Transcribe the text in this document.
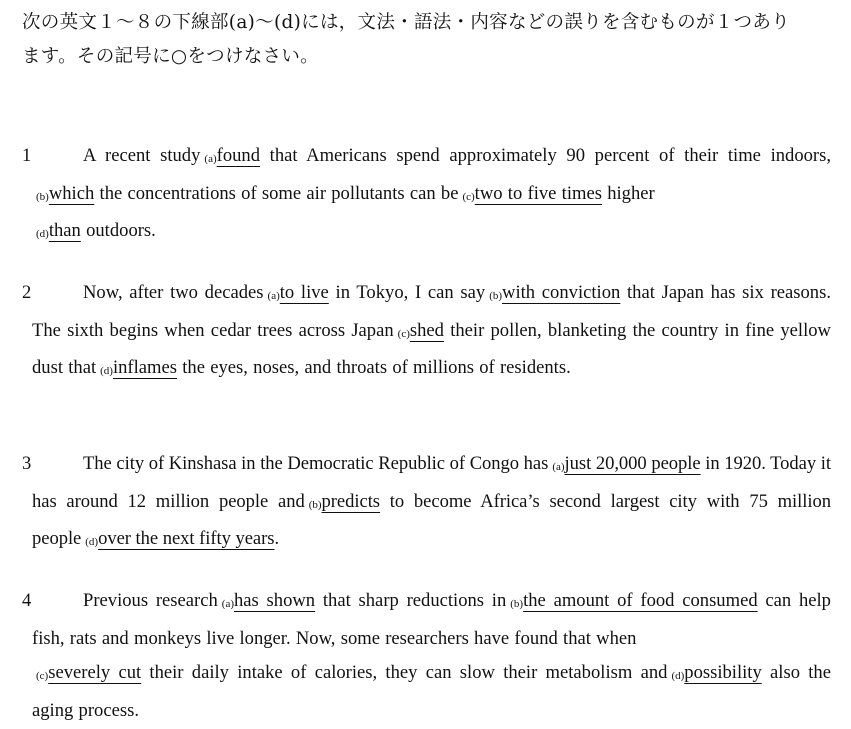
次の英文１～８の下線部(a)～(d)には，文法・語法・内容などの誤りを含むものが１つあり
ます。その記号に○をつけなさい。
1	A recent study (a)found that Americans spend approximately 90 percent of their time indoors,(b)which the concentrations of some air pollutants can be (c)two to five times higher
(d)than outdoors.
2	Now, after two decades (a)to live in Tokyo, I can say (b)with conviction that Japan has six reasons. The sixth begins when cedar trees across Japan (c)shed their pollen, blanketing the country in fine yellow dust that (d)inflames the eyes, noses, and throats of millions of residents.
3	The city of Kinshasa in the Democratic Republic of Congo has (a)just 20,000 people in 1920. Today it has around 12 million people and (b)predicts to become Africa’s second largest city with 75 million people (d)over the next fifty years.
4	Previous research (a)has shown that sharp reductions in (b)the amount of food consumed can help fish, rats and monkeys live longer. Now, some researchers have found that when
(c)severely cut their daily intake of calories, they can slow their metabolism and (d)possibility also the aging process.
